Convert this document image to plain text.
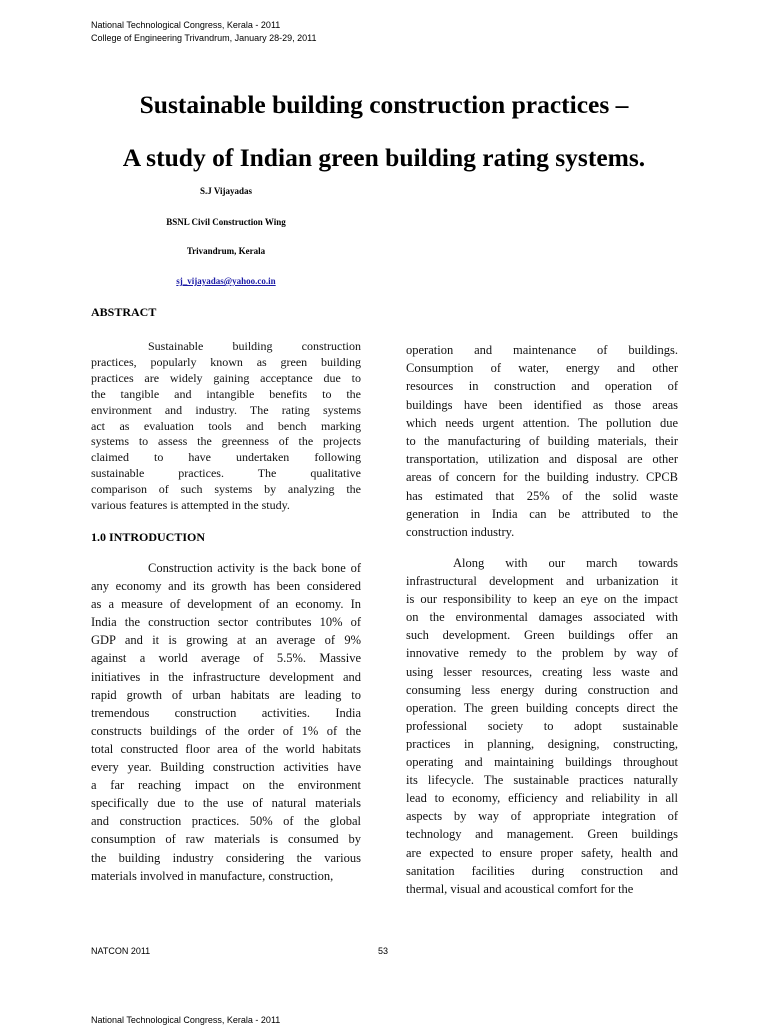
National Technological Congress, Kerala - 2011
College of Engineering Trivandrum, January 28-29, 2011
Sustainable building construction practices –
A study of Indian green building rating systems.
S.J Vijayadas
BSNL Civil Construction Wing
Trivandrum, Kerala
sj_vijayadas@yahoo.co.in
ABSTRACT
Sustainable building construction
practices, popularly known as green building
practices are widely gaining acceptance due to
the tangible and intangible benefits to the
environment and industry. The rating systems
act as evaluation tools and bench marking
systems to assess the greenness of the projects
claimed to have undertaken following
sustainable practices. The qualitative
comparison of such systems by analyzing the
various features is attempted in the study.
1.0 INTRODUCTION
Construction activity is the back bone of
any economy and its growth has been considered
as a measure of development of an economy. In
India the construction sector contributes 10% of
GDP and it is growing at an average of 9%
against a world average of 5.5%. Massive
initiatives in the infrastructure development and
rapid growth of urban habitats are leading to
tremendous construction activities. India
constructs buildings of the order of 1% of the
total constructed floor area of the world habitats
every year. Building construction activities have
a far reaching impact on the environment
specifically due to the use of natural materials
and construction practices. 50% of the global
consumption of raw materials is consumed by
the building industry considering the various
materials involved in manufacture, construction,
operation and maintenance of buildings.
Consumption of water, energy and other
resources in construction and operation of
buildings have been identified as those areas
which needs urgent attention. The pollution due
to the manufacturing of building materials, their
transportation, utilization and disposal are other
areas of concern for the building industry. CPCB
has estimated that 25% of the solid waste
generation in India can be attributed to the
construction industry.
Along with our march towards
infrastructural development and urbanization it
is our responsibility to keep an eye on the impact
on the environmental damages associated with
such development. Green buildings offer an
innovative remedy to the problem by way of
using lesser resources, creating less waste and
consuming less energy during construction and
operation. The green building concepts direct the
professional society to adopt sustainable
practices in planning, designing, constructing,
operating and maintaining buildings throughout
its lifecycle. The sustainable practices naturally
lead to economy, efficiency and reliability in all
aspects by way of appropriate integration of
technology and management. Green buildings
are expected to ensure proper safety, health and
sanitation facilities during construction and
thermal, visual and acoustical comfort for the
NATCON 2011	53
National Technological Congress, Kerala - 2011
